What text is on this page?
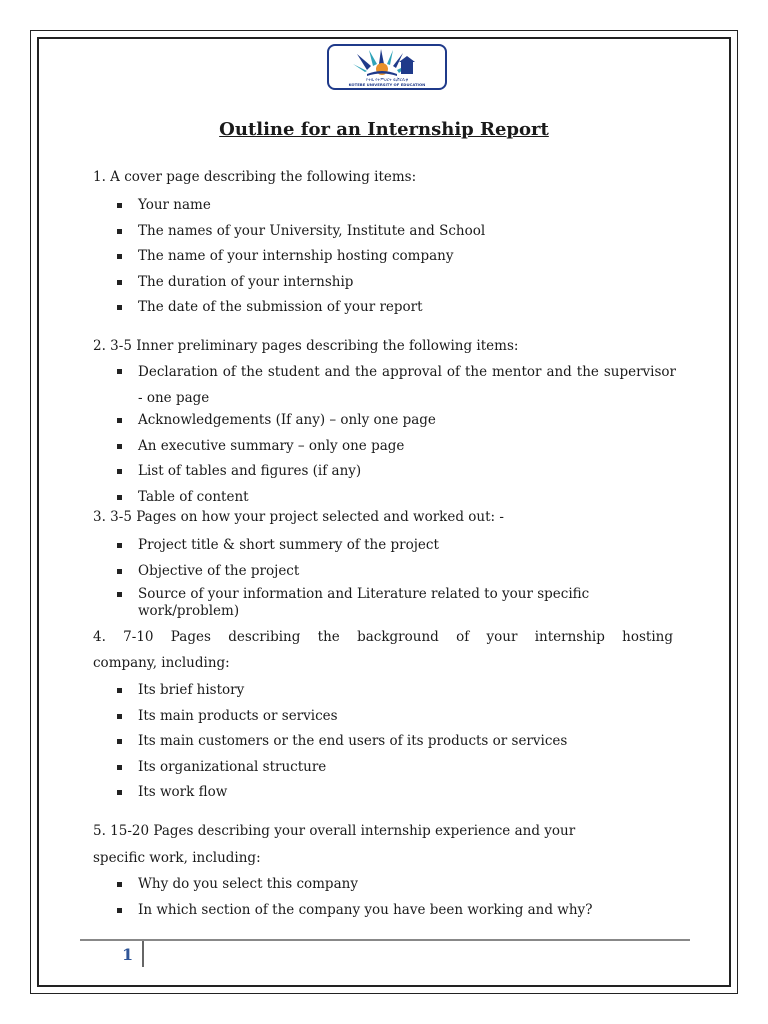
ኮተቤ የትምህርት ዩኒቨርሲቲ
KOTEBE UNIVERSITY OF EDUCATION
Outline for an Internship Report

1. A cover page describing the following items:

Your name
The names of your University, Institute and School
The name of your internship hosting company
The duration of your internship
The date of the submission of your report

2. 3-5 Inner preliminary pages describing the following items:

Declaration of the student and the approval of the mentor and the supervisor - one page
Acknowledgements (If any) – only one page
An executive summary – only one page
List of tables and figures (if any)
Table of content

3. 3-5 Pages on how your project selected and worked out: -

Project title & short summery of the project
Objective of the project
Source of your information and Literature related to your specific work/problem)

4. 7-10 Pages describing the background of your internship hosting

company, including:

Its brief history
Its main products or services
Its main customers or the end users of its products or services
Its organizational structure
Its work flow

5. 15-20 Pages describing your overall internship experience and your

specific work, including:

Why do you select this company
In which section of the company you have been working and why?
1
